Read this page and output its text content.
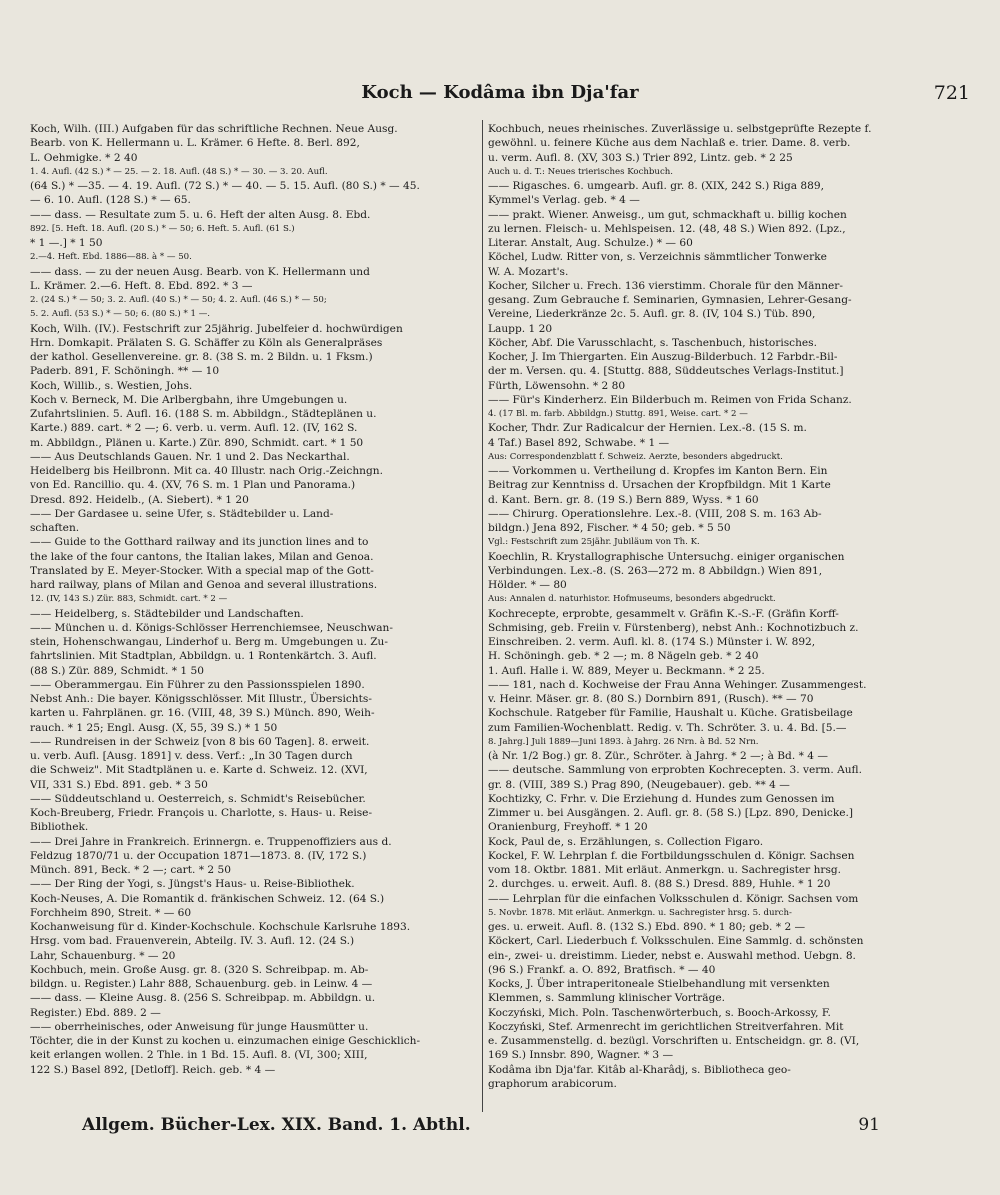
Koch — Kodâma ibn Dja'far	721
Koch, Wilh. (III.) Aufgaben für das schriftliche Rechnen. Neue Ausg.
Bearb. von K. Hellermann u. L. Krämer. 6 Hefte. 8. Berl. 892,
L. Oehmigke. * 2 40
1. 4. Aufl. (42 S.) * — 25. — 2. 18. Aufl. (48 S.) * — 30. — 3. 20. Aufl.
(64 S.) * —35. — 4. 19. Aufl. (72 S.) * — 40. — 5. 15. Aufl. (80 S.) * — 45.
— 6. 10. Aufl. (128 S.) * — 65.
—— dass. — Resultate zum 5. u. 6. Heft der alten Ausg. 8. Ebd.
892. [5. Heft. 18. Aufl. (20 S.) * — 50; 6. Heft. 5. Aufl. (61 S.)
* 1 —.] * 1 50
2.—4. Heft. Ebd. 1886—88. à * — 50.
—— dass. — zu der neuen Ausg. Bearb. von K. Hellermann und
L. Krämer. 2.—6. Heft. 8. Ebd. 892. * 3 —
2. (24 S.) * — 50; 3. 2. Aufl. (40 S.) * — 50; 4. 2. Aufl. (46 S.) * — 50;
5. 2. Aufl. (53 S.) * — 50; 6. (80 S.) * 1 —.
Koch, Wilh. (IV.). Festschrift zur 25jährig. Jubelfeier d. hochwürdigen
Hrn. Domkapit. Prälaten S. G. Schäffer zu Köln als Generalpräses
der kathol. Gesellenvereine. gr. 8. (38 S. m. 2 Bildn. u. 1 Fksm.)
Paderb. 891, F. Schöningh. ** — 10
Koch, Willib., s. Westien, Johs.
Koch v. Berneck, M. Die Arlbergbahn, ihre Umgebungen u.
Zufahrtslinien. 5. Aufl. 16. (188 S. m. Abbildgn., Städteplänen u.
Karte.) 889. cart. * 2 —; 6. verb. u. verm. Aufl. 12. (IV, 162 S.
m. Abbildgn., Plänen u. Karte.) Zür. 890, Schmidt. cart. * 1 50
—— Aus Deutschlands Gauen. Nr. 1 und 2. Das Neckarthal.
Heidelberg bis Heilbronn. Mit ca. 40 Illustr. nach Orig.-Zeichngn.
von Ed. Rancillio. qu. 4. (XV, 76 S. m. 1 Plan und Panorama.)
Dresd. 892. Heidelb., (A. Siebert). * 1 20
—— Der Gardasee u. seine Ufer, s. Städtebilder u. Land-
schaften.
—— Guide to the Gotthard railway and its junction lines and to
the lake of the four cantons, the Italian lakes, Milan and Genoa.
Translated by E. Meyer-Stocker. With a special map of the Gott-
hard railway, plans of Milan and Genoa and several illustrations.
12. (IV, 143 S.) Zür. 883, Schmidt. cart. * 2 —
—— Heidelberg, s. Städtebilder und Landschaften.
—— München u. d. Königs-Schlösser Herrenchiemsee, Neuschwan-
stein, Hohenschwangau, Linderhof u. Berg m. Umgebungen u. Zu-
fahrtslinien. Mit Stadtplan, Abbildgn. u. 1 Rontenkärtch. 3. Aufl.
(88 S.) Zür. 889, Schmidt. * 1 50
—— Oberammergau. Ein Führer zu den Passionsspielen 1890.
Nebst Anh.: Die bayer. Königsschlösser. Mit Illustr., Übersichts-
karten u. Fahrplänen. gr. 16. (VIII, 48, 39 S.) Münch. 890, Weih-
rauch. * 1 25; Engl. Ausg. (X, 55, 39 S.) * 1 50
—— Rundreisen in der Schweiz [von 8 bis 60 Tagen]. 8. erweit.
u. verb. Aufl. [Ausg. 1891] v. dess. Verf.: „In 30 Tagen durch
die Schweiz". Mit Stadtplänen u. e. Karte d. Schweiz. 12. (XVI,
VII, 331 S.) Ebd. 891. geb. * 3 50
—— Süddeutschland u. Oesterreich, s. Schmidt's Reisebücher.
Koch-Breuberg, Friedr. François u. Charlotte, s. Haus- u. Reise-
Bibliothek.
—— Drei Jahre in Frankreich. Erinnergn. e. Truppenoffiziers aus d.
Feldzug 1870/71 u. der Occupation 1871—1873. 8. (IV, 172 S.)
Münch. 891, Beck. * 2 —; cart. * 2 50
—— Der Ring der Yogi, s. Jüngst's Haus- u. Reise-Bibliothek.
Koch-Neuses, A. Die Romantik d. fränkischen Schweiz. 12. (64 S.)
Forchheim 890, Streit. * — 60
Kochanweisung für d. Kinder-Kochschule. Kochschule Karlsruhe 1893.
Hrsg. vom bad. Frauenverein, Abteilg. IV. 3. Aufl. 12. (24 S.)
Lahr, Schauenburg. * — 20
Kochbuch, mein. Große Ausg. gr. 8. (320 S. Schreibpap. m. Ab-
bildgn. u. Register.) Lahr 888, Schauenburg. geb. in Leinw. 4 —
—— dass. — Kleine Ausg. 8. (256 S. Schreibpap. m. Abbildgn. u.
Register.) Ebd. 889. 2 —
—— oberrheinisches, oder Anweisung für junge Hausmütter u.
Töchter, die in der Kunst zu kochen u. einzumachen einige Geschicklich-
keit erlangen wollen. 2 Thle. in 1 Bd. 15. Aufl. 8. (VI, 300; XIII,
122 S.) Basel 892, [Detloff]. Reich. geb. * 4 —
Kochbuch, neues rheinisches. Zuverlässige u. selbstgeprüfte Rezepte f.
gewöhnl. u. feinere Küche aus dem Nachlaß e. trier. Dame. 8. verb.
u. verm. Aufl. 8. (XV, 303 S.) Trier 892, Lintz. geb. * 2 25
Auch u. d. T.: Neues trierisches Kochbuch.
—— Rigasches. 6. umgearb. Aufl. gr. 8. (XIX, 242 S.) Riga 889,
Kymmel's Verlag. geb. * 4 —
—— prakt. Wiener. Anweisg., um gut, schmackhaft u. billig kochen
zu lernen. Fleisch- u. Mehlspeisen. 12. (48, 48 S.) Wien 892. (Lpz.,
Literar. Anstalt, Aug. Schulze.) * — 60
Köchel, Ludw. Ritter von, s. Verzeichnis sämmtlicher Tonwerke
W. A. Mozart's.
Kocher, Silcher u. Frech. 136 vierstimm. Chorale für den Männer-
gesang. Zum Gebrauche f. Seminarien, Gymnasien, Lehrer-Gesang-
Vereine, Liederkränze 2c. 5. Aufl. gr. 8. (IV, 104 S.) Tüb. 890,
Laupp. 1 20
Köcher, Abf. Die Varusschlacht, s. Taschenbuch, historisches.
Kocher, J. Im Thiergarten. Ein Auszug-Bilderbuch. 12 Farbdr.-Bil-
der m. Versen. qu. 4. [Stuttg. 888, Süddeutsches Verlags-Institut.]
Fürth, Löwensohn. * 2 80
—— Für's Kinderherz. Ein Bilderbuch m. Reimen von Frida Schanz.
4. (17 Bl. m. farb. Abbildgn.) Stuttg. 891, Weise. cart. * 2 —
Kocher, Thdr. Zur Radicalcur der Hernien. Lex.-8. (15 S. m.
4 Taf.) Basel 892, Schwabe. * 1 —
Aus: Correspondenzblatt f. Schweiz. Aerzte, besonders abgedruckt.
—— Vorkommen u. Vertheilung d. Kropfes im Kanton Bern. Ein
Beitrag zur Kenntniss d. Ursachen der Kropfbildgn. Mit 1 Karte
d. Kant. Bern. gr. 8. (19 S.) Bern 889, Wyss. * 1 60
—— Chirurg. Operationslehre. Lex.-8. (VIII, 208 S. m. 163 Ab-
bildgn.) Jena 892, Fischer. * 4 50; geb. * 5 50
Vgl.: Festschrift zum 25jähr. Jubiläum von Th. K.
Koechlin, R. Krystallographische Untersuchg. einiger organischen
Verbindungen. Lex.-8. (S. 263—272 m. 8 Abbildgn.) Wien 891,
Hölder. * — 80
Aus: Annalen d. naturhistor. Hofmuseums, besonders abgedruckt.
Kochrecepte, erprobte, gesammelt v. Gräfin K.-S.-F. (Gräfin Korff-
Schmising, geb. Freiin v. Fürstenberg), nebst Anh.: Kochnotizbuch z.
Einschreiben. 2. verm. Aufl. kl. 8. (174 S.) Münster i. W. 892,
H. Schöningh. geb. * 2 —; m. 8 Nägeln geb. * 2 40
1. Aufl. Halle i. W. 889, Meyer u. Beckmann. * 2 25.
—— 181, nach d. Kochweise der Frau Anna Wehinger. Zusammengest.
v. Heinr. Mäser. gr. 8. (80 S.) Dornbirn 891, (Rusch). ** — 70
Kochschule. Ratgeber für Familie, Haushalt u. Küche. Gratisbeilage
zum Familien-Wochenblatt. Redig. v. Th. Schröter. 3. u. 4. Bd. [5.—
8. Jahrg.] Juli 1889—Juni 1893. à Jahrg. 26 Nrn. à Bd. 52 Nrn.
(à Nr. 1/2 Bog.) gr. 8. Zür., Schröter. à Jahrg. * 2 —; à Bd. * 4 —
—— deutsche. Sammlung von erprobten Kochrecepten. 3. verm. Aufl.
gr. 8. (VIII, 389 S.) Prag 890, (Neugebauer). geb. ** 4 —
Kochtizky, C. Frhr. v. Die Erziehung d. Hundes zum Genossen im
Zimmer u. bei Ausgängen. 2. Aufl. gr. 8. (58 S.) [Lpz. 890, Denicke.]
Oranienburg, Freyhoff. * 1 20
Kock, Paul de, s. Erzählungen, s. Collection Figaro.
Kockel, F. W. Lehrplan f. die Fortbildungsschulen d. Königr. Sachsen
vom 18. Oktbr. 1881. Mit erläut. Anmerkgn. u. Sachregister hrsg.
2. durchges. u. erweit. Aufl. 8. (88 S.) Dresd. 889, Huhle. * 1 20
—— Lehrplan für die einfachen Volksschulen d. Königr. Sachsen vom
5. Novbr. 1878. Mit erläut. Anmerkgn. u. Sachregister hrsg. 5. durch-
ges. u. erweit. Aufl. 8. (132 S.) Ebd. 890. * 1 80; geb. * 2 —
Köckert, Carl. Liederbuch f. Volksschulen. Eine Sammlg. d. schönsten
ein-, zwei- u. dreistimm. Lieder, nebst e. Auswahl method. Uebgn. 8.
(96 S.) Frankf. a. O. 892, Bratfisch. * — 40
Kocks, J. Über intraperitoneale Stielbehandlung mit versenkten
Klemmen, s. Sammlung klinischer Vorträge.
Koczyński, Mich. Poln. Taschenwörterbuch, s. Booch-Arkossy, F.
Koczyński, Stef. Armenrecht im gerichtlichen Streitverfahren. Mit
e. Zusammenstellg. d. bezügl. Vorschriften u. Entscheidgn. gr. 8. (VI,
169 S.) Innsbr. 890, Wagner. * 3 —
Kodâma ibn Dja'far. Kitâb al-Kharâdj, s. Bibliotheca geo-
graphorum arabicorum.
Allgem. Bücher-Lex. XIX. Band. 1. Abthl.	91
